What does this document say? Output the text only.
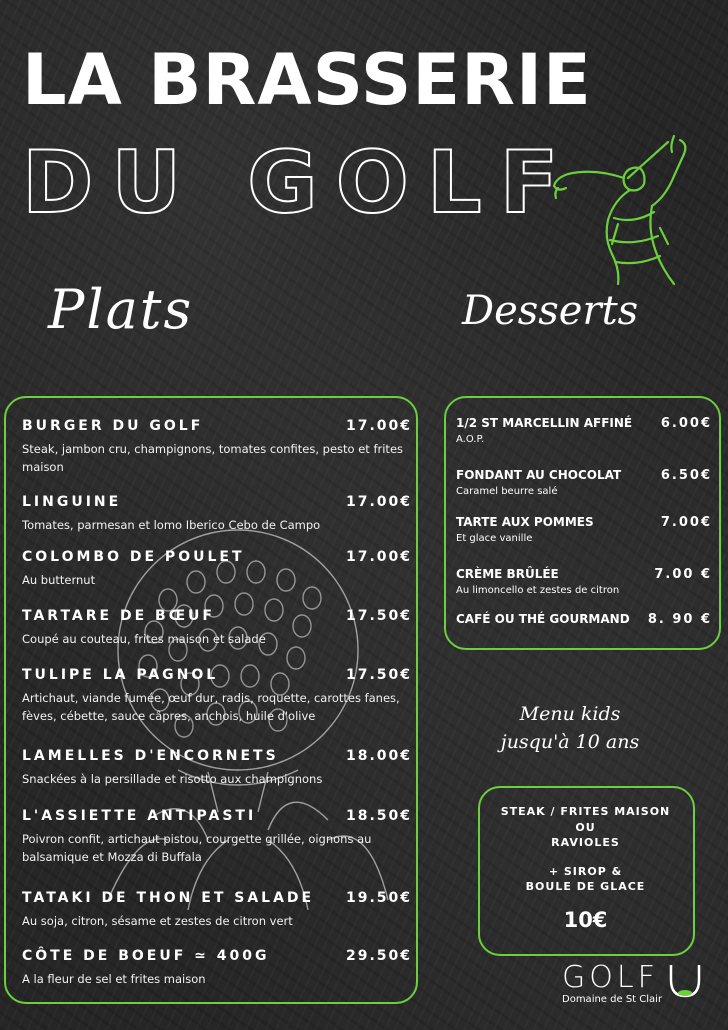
LA BRASSERIE
DU GOLF
Plats	Desserts
BURGER DU GOLF	17.00€
Steak, jambon cru, champignons, tomates confites, pesto et frites maison
LINGUINE	17.00€
Tomates, parmesan et lomo Iberico Cebo de Campo
COLOMBO DE POULET	17.00€
Au butternut
TARTARE DE BŒUF	17.50€
Coupé au couteau, frites maison et salade
TULIPE LA PAGNOL	17.50€
Artichaut, viande fumée, œuf dur, radis, roquette, carottes fanes, fèves, cébette, sauce câpres, anchois, huile d'olive
LAMELLES D'ENCORNETS	18.00€
Snackées à la persillade et risotto aux champignons
L'ASSIETTE ANTIPASTI	18.50€
Poivron confit, artichaut pistou, courgette grillée, oignons au balsamique et Mozza di Buffala
TATAKI DE THON ET SALADE	19.50€
Au soja, citron, sésame et zestes de citron vert
CÔTE DE BOEUF ≃ 400G	29.50€
A la fleur de sel et frites maison
1/2 ST MARCELLIN AFFINÉ	6.00€
A.O.P.
FONDANT AU CHOCOLAT	6.50€
Caramel beurre salé
TARTE AUX POMMES	7.00€
Et glace vanille
CRÈME BRÛLÉE	7.00 €
Au limoncello et zestes de citron
CAFÉ OU THÉ GOURMAND	8. 90 €
Menu kids
jusqu'à 10 ans
STEAK / FRITES MAISON
OU
RAVIOLES
+ SIROP &
BOULE DE GLACE
10€
GOLF
Domaine de St Clair
